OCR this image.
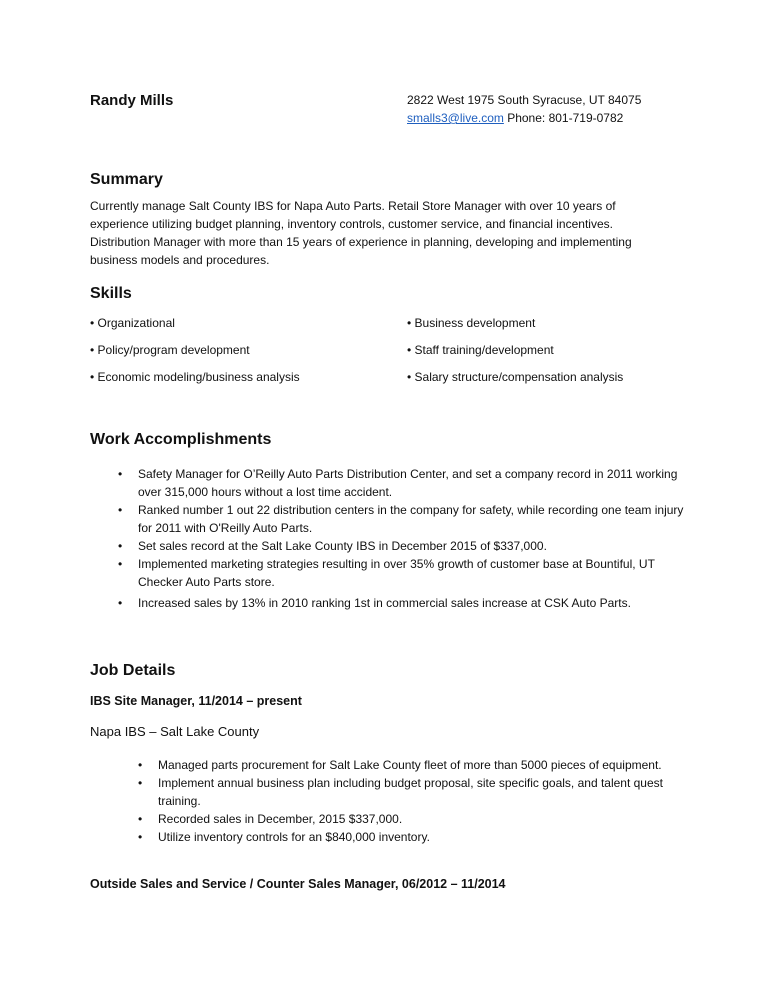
Randy Mills	2822 West 1975 South Syracuse, UT 84075
smalls3@live.com Phone: 801-719-0782
Summary
Currently manage Salt County IBS for Napa Auto Parts. Retail Store Manager with over 10 years of
experience utilizing budget planning, inventory controls, customer service, and financial incentives.
Distribution Manager with more than 15 years of experience in planning, developing and implementing
business models and procedures.
Skills
• Organizational
• Policy/program development
• Economic modeling/business analysis
• Business development
• Staff training/development
• Salary structure/compensation analysis
Work Accomplishments
• Safety Manager for O’Reilly Auto Parts Distribution Center, and set a company record in 2011 working over 315,000 hours without a lost time accident.
• Ranked number 1 out 22 distribution centers in the company for safety, while recording one team injury for 2011 with O'Reilly Auto Parts.
• Set sales record at the Salt Lake County IBS in December 2015 of $337,000.
• Implemented marketing strategies resulting in over 35% growth of customer base at Bountiful, UT Checker Auto Parts store.
• Increased sales by 13% in 2010 ranking 1st in commercial sales increase at CSK Auto Parts.
Job Details
IBS Site Manager, 11/2014 – present
Napa IBS – Salt Lake County
• Managed parts procurement for Salt Lake County fleet of more than 5000 pieces of equipment.
• Implement annual business plan including budget proposal, site specific goals, and talent quest training.
• Recorded sales in December, 2015 $337,000.
• Utilize inventory controls for an $840,000 inventory.
Outside Sales and Service / Counter Sales Manager, 06/2012 – 11/2014
